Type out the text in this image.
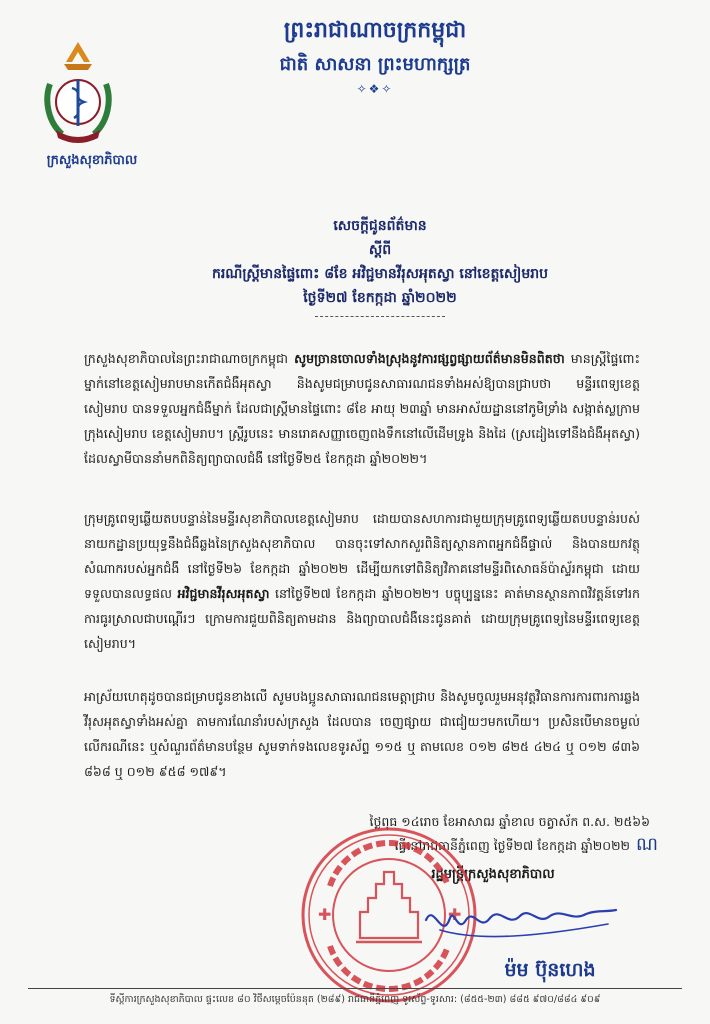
ព្រះរាជាណាចក្រកម្ពុជា
ជាតិ សាសនា ព្រះមហាក្សត្រ
✧❖✧
ក្រសួងសុខាភិបាល
សេចក្តីជូនព័ត៌មាន
ស្តីពី
ករណីស្ត្រីមានផ្ទៃពោះ ៨ខែ អវិជ្ជមានវីរុសអុតស្វា នៅខេត្តសៀមរាប
ថ្ងៃទី២៧ ខែកក្កដា ឆ្នាំ២០២២
ក្រសួងសុខាភិបាលនៃព្រះរាជាណាចក្រកម្ពុជា សូមច្រានចោលទាំងស្រុងនូវការផ្សព្វផ្សាយព័ត៌មានមិនពិតថា មានស្ត្រីផ្ទៃពោះម្នាក់នៅខេត្តសៀមរាបមានកើតជំងឺអុតស្វា និងសូមជម្រាបជូនសាធារណជនទាំងអស់ឱ្យបានជ្រាបថា មន្ទីរពេទ្យខេត្តសៀមរាប បានទទួលអ្នកជំងឺម្នាក់ ដែលជាស្ត្រីមានផ្ទៃពោះ ៨ខែ អាយុ ២៣ឆ្នាំ មានអាស័យដ្ឋាននៅភូមិទ្រាំង សង្កាត់ស្លក្រាម ក្រុងសៀមរាប ខេត្តសៀមរាប។ ស្ត្រីរូបនេះ មានរោគសញ្ញាចេញពងទឹកនៅលើដើមទ្រូង និងដៃ (ស្រដៀងទៅនឹងជំងឺអុតស្វា) ដែលស្វាមីបាននាំមកពិនិត្យព្យាបាលជំងឺ នៅថ្ងៃទី២៥ ខែកក្កដា ឆ្នាំ២០២២។
ក្រុមគ្រូពេទ្យឆ្លើយតបបន្ទាន់នៃមន្ទីរសុខាភិបាលខេត្តសៀមរាប ដោយបានសហការជាមួយក្រុមគ្រូពេទ្យឆ្លើយតបបន្ទាន់របស់នាយកដ្ឋានប្រយុទ្ធនឹងជំងឺឆ្លងនៃក្រសួងសុខាភិបាល បានចុះទៅសាកសួរពិនិត្យស្ថានភាពអ្នកជំងឺផ្ទាល់ និងបានយកវត្ថុសំណាករបស់អ្នកជំងឺ នៅថ្ងៃទី២៦ ខែកក្កដា ឆ្នាំ២០២២ ដើម្បីយកទៅពិនិត្យវិភាគនៅមន្ទីរពិសោធន៍ប៉ាស្ទ័រកម្ពុជា ដោយទទួលបានលទ្ធផល អវិជ្ជមានវីរុសអុតស្វា នៅថ្ងៃទី២៧ ខែកក្កដា ឆ្នាំ២០២២។ បច្ចុប្បន្ននេះ គាត់មានស្ថានភាពវិវត្តន៍ទៅរក ការធូរស្រាលជាបណ្តើរៗ ក្រោមការជួយពិនិត្យតាមដាន និងព្យាបាលជំងឺនេះជូនគាត់ ដោយក្រុមគ្រូពេទ្យនៃមន្ទីរពេទ្យខេត្តសៀមរាប។
អាស្រ័យហេតុដូចបានជម្រាបជូនខាងលើ សូមបងប្អូនសាធារណជនមេត្តាជ្រាប និងសូមចូលរួមអនុវត្តវិធានការការពារការឆ្លងវីរុសអុតស្វាទាំងអស់គ្នា តាមការណែនាំរបស់ក្រសួង ដែលបាន ចេញផ្សាយ ជាជៀយៗមកហើយ។ ប្រសិនបើមានចម្ងល់លើករណីនេះ ឬសំណួរព័ត៌មានបន្ថែម សូមទាក់ទងលេខទូរស័ព្ទ ១១៥ ឬ តាមលេខ ០១២ ៨២៥ ៤២៤ ឬ ០១២ ៨៣៦ ៨៦៨ ឬ ០១២ ៩៥៨ ១៧៩។
ថ្ងៃពុធ ១៤រោច ខែអាសាឍ ឆ្នាំខាល ចត្វាស័ក ព.ស. ២៥៦៦
ធ្វើនៅរាជធានីភ្នំពេញ ថ្ងៃទី២៧ ខែកក្កដា ឆ្នាំ២០២២ ណ
រដ្ឋមន្ត្រីក្រសួងសុខាភិបាល
✚	✚
ម៉ម ប៊ុនហេង
ទីស្តីការក្រសួងសុខាភិបាល ផ្ទះលេខ ៨០ វិថីសម្តេចប៉ែននុត (២៨៩) រាជធានីភ្នំពេញ ទូរស័ព្ទ-ទូរសារ: (៨៥៥-២៣) ៨៨៥ ៩៧០/៨៨៤ ៩០៩
